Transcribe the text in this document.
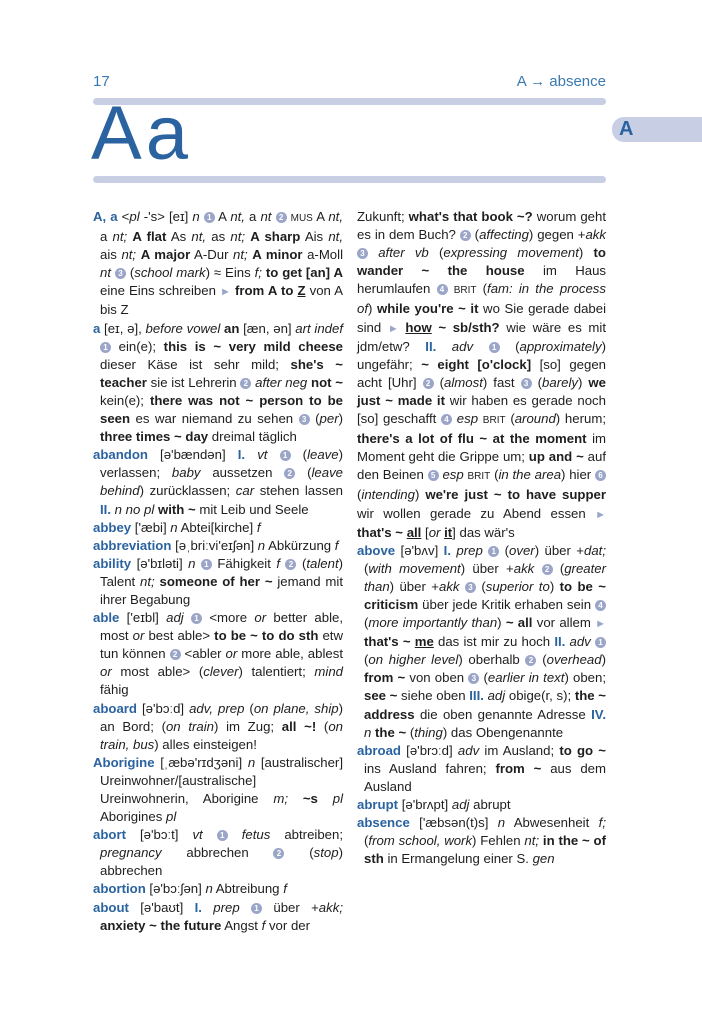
17	A → absence
Aa	A

A, a <pl -'s> [eɪ] n 1 A nt, a nt 2 MUS A nt, a nt; A flat As nt, as nt; A sharp Ais nt, ais nt; A major A-Dur nt; A minor a-Moll nt 3 (school mark) ≈ Eins f; to get [an] A eine Eins schreiben ► from A to Z von A bis Z

a [eɪ, ə], before vowel an [æn, ən] art indef 1 ein(e); this is ~ very mild cheese dieser Käse ist sehr mild; she's ~ teacher sie ist Lehrerin 2 after neg not ~ kein(e); there was not ~ person to be seen es war niemand zu sehen 3 (per) three times ~ day dreimal täglich

abandon [ə'bændən] I. vt 1 (leave) verlassen; baby aussetzen 2 (leave behind) zurücklassen; car stehen lassen II. n no pl with ~ mit Leib und Seele

abbey ['æbi] n Abtei[kirche] f

abbreviation [əˌbriːvi'eɪʃən] n Abkürzung f

ability [ə'bɪləti] n 1 Fähigkeit f 2 (talent) Talent nt; someone of her ~ jemand mit ihrer Begabung

able ['eɪbl] adj 1 <more or better able, most or best able> to be ~ to do sth etw tun können 2 <abler or more able, ablest or most able> (clever) talentiert; mind fähig

aboard [ə'bɔːd] adv, prep (on plane, ship) an Bord; (on train) im Zug; all ~! (on train, bus) alles einsteigen!

Aborigine [ˌæbə'rɪdʒəni] n [australischer] Ureinwohner/[australische] Ureinwohnerin, Aborigine m; ~s pl Aborigines pl

abort [ə'bɔːt] vt 1 fetus abtreiben; pregnancy abbrechen 2 (stop) abbrechen

abortion [ə'bɔːʃən] n Abtreibung f

about [ə'baʊt] I. prep 1 über +akk; anxiety ~ the future Angst f vor der

Zukunft; what's that book ~? worum geht es in dem Buch? 2 (affecting) gegen +akk 3 after vb (expressing movement) to wander ~ the house im Haus herumlaufen 4 BRIT (fam: in the process of) while you're ~ it wo Sie gerade dabei sind ► how ~ sb/sth? wie wäre es mit jdm/etw? II. adv 1 (approximately) ungefähr; ~ eight [o'clock] [so] gegen acht [Uhr] 2 (almost) fast 3 (barely) we just ~ made it wir haben es gerade noch [so] geschafft 4 esp BRIT (around) herum; there's a lot of flu ~ at the moment im Moment geht die Grippe um; up and ~ auf den Beinen 5 esp BRIT (in the area) hier 6 (intending) we're just ~ to have supper wir wollen gerade zu Abend essen ► that's ~ all [or it] das wär's

above [ə'bʌv] I. prep 1 (over) über +dat; (with movement) über +akk 2 (greater than) über +akk 3 (superior to) to be ~ criticism über jede Kritik erhaben sein 4 (more importantly than) ~ all vor allem ► that's ~ me das ist mir zu hoch II. adv 1 (on higher level) oberhalb 2 (overhead) from ~ von oben 3 (earlier in text) oben; see ~ siehe oben III. adj obige(r, s); the ~ address die oben genannte Adresse IV. n the ~ (thing) das Obengenannte

abroad [ə'brɔːd] adv im Ausland; to go ~ ins Ausland fahren; from ~ aus dem Ausland

abrupt [ə'brʌpt] adj abrupt

absence ['æbsən(t)s] n Abwesenheit f; (from school, work) Fehlen nt; in the ~ of sth in Ermangelung einer S. gen
